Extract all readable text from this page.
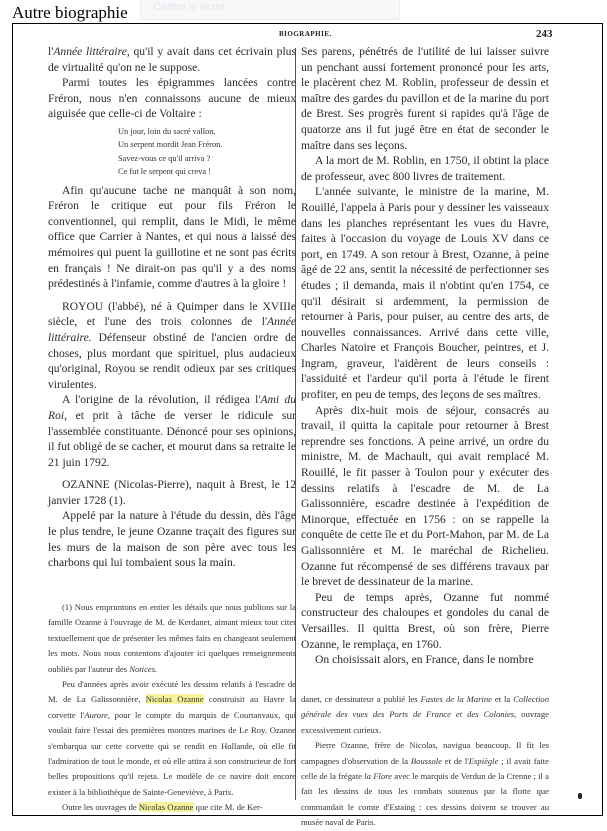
Autre biographie Centre le texte
BIOGRAPHIE.	243

l'Année littéraire, qu'il y avait dans cet écrivain plus de virtualité qu'on ne le suppose.

Parmi toutes les épigrammes lancées contre Fréron, nous n'en connaissons aucune de mieux aiguisée que celle-ci de Voltaire :

Un jour, loin du sacré vallon,
Un serpent mordit Jean Fréron.
Savez-vous ce qu'il arriva ?
Ce fut le serpent qui creva !

Afin qu'aucune tache ne manquât à son nom, Fréron le critique eut pour fils Fréron le conventionnel, qui remplit, dans le Midi, le même office que Carrier à Nantes, et qui nous a laissé des mémoires qui puent la guillotine et ne sont pas écrits en français ! Ne dirait-on pas qu'il y a des noms prédestinés à l'infamie, comme d'autres à la gloire !

ROYOU (l'abbé), né à Quimper dans le XVIIIe siècle, et l'une des trois colonnes de l'Année littéraire. Défenseur obstiné de l'ancien ordre de choses, plus mordant que spirituel, plus audacieux qu'original, Royou se rendit odieux par ses critiques virulentes.

A l'origine de la révolution, il rédigea l'Ami du Roi, et prit à tâche de verser le ridicule sur l'assemblée constituante. Dénoncé pour ses opinions, il fut obligé de se cacher, et mourut dans sa retraite le 21 juin 1792.

OZANNE (Nicolas-Pierre), naquit à Brest, le 12 janvier 1728 (1).

Appelé par la nature à l'étude du dessin, dès l'âge le plus tendre, le jeune Ozanne traçait des figures sur les murs de la maison de son père avec tous les charbons qui lui tombaient sous la main.

(1) Nous empruntons en entier les détails que nous publions sur la famille Ozanne à l'ouvrage de M. de Kerdanet, aimant mieux tout citer textuellement que de présenter les mêmes faits en changeant seulement les mots. Nous nous contentons d'ajouter ici quelques renseignements oubliés par l'auteur des Notices.

Peu d'années après avoir exécuté les dessins relatifs à l'escadre de M. de La Galissonnière, Nicolas Ozanne construisit au Havre la corvette l'Aurore, pour le compte du marquis de Courtanvaux, qui voulait faire l'essai des premières montres marines de Le Roy. Ozanne s'embarqua sur cette corvette qui se rendit en Hollande, où elle fit l'admiration de tout le monde, et où elle attira à son constructeur de fort belles propositions qu'il rejeta. Le modèle de ce navire doit encore exister à la bibliothèque de Sainte-Geneviève, à Paris.

Outre les ouvrages de Nicolas Ozanne que cite M. de Ker-

Ses parens, pénétrés de l'utilité de lui laisser suivre un penchant aussi fortement prononcé pour les arts, le placèrent chez M. Roblin, professeur de dessin et maître des gardes du pavillon et de la marine du port de Brest. Ses progrès furent si rapides qu'à l'âge de quatorze ans il fut jugé être en état de seconder le maître dans ses leçons.

A la mort de M. Roblin, en 1750, il obtint la place de professeur, avec 800 livres de traitement.

L'année suivante, le ministre de la marine, M. Rouillé, l'appela à Paris pour y dessiner les vaisseaux dans les planches représentant les vues du Havre, faites à l'occasion du voyage de Louis XV dans ce port, en 1749. A son retour à Brest, Ozanne, à peine âgé de 22 ans, sentit la nécessité de perfectionner ses études ; il demanda, mais il n'obtint qu'en 1754, ce qu'il désirait si ardemment, la permission de retourner à Paris, pour puiser, au centre des arts, de nouvelles connaissances. Arrivé dans cette ville, Charles Natoire et François Boucher, peintres, et J. Ingram, graveur, l'aidèrent de leurs conseils : l'assiduité et l'ardeur qu'il porta à l'étude le firent profiter, en peu de temps, des leçons de ses maîtres.

Après dix-huit mois de séjour, consacrés au travail, il quitta la capitale pour retourner à Brest reprendre ses fonctions. A peine arrivé, un ordre du ministre, M. de Machault, qui avait remplacé M. Rouillé, le fit passer à Toulon pour y exécuter des dessins relatifs à l'escadre de M. de La Galissonnière, escadre destinée à l'expédition de Minorque, effectuée en 1756 : on se rappelle la conquête de cette île et du Port-Mahon, par M. de La Galissonnière et M. le maréchal de Richelieu. Ozanne fut récompensé de ses différens travaux par le brevet de dessinateur de la marine.

Peu de temps après, Ozanne fut nommé constructeur des chaloupes et gondoles du canal de Versailles. Il quitta Brest, où son frère, Pierre Ozanne, le remplaça, en 1760.

On choisissait alors, en France, dans le nombre

danet, ce dessinateur a publié les Fastes de la Marine et la Collection générale des vues des Ports de France et des Colonies, ouvrage excessivement curieux.

Pierre Ozanne, frère de Nicolas, navigua beaucoup. Il fit les campagnes d'observation de la Boussole et de l'Espiègle ; il avait faite celle de la frégate la Flore avec le marquis de Verdun de la Crenne ; il a fait les dessins de tous les combats soutenus par la flotte que commandait le comte d'Estaing : ces dessins doivent se trouver au musée naval de Paris.
